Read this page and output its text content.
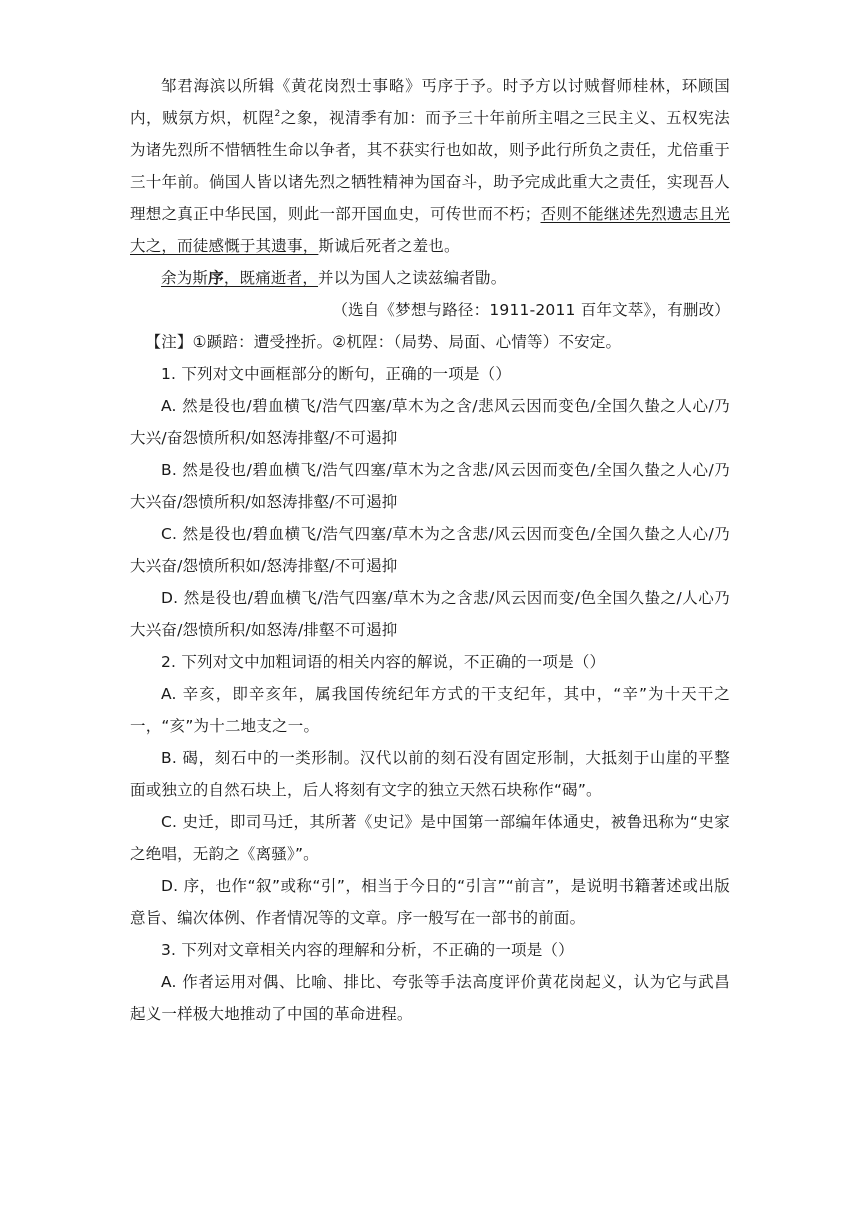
邹君海滨以所辑《黄花岗烈士事略》丐序于予。时予方以讨贼督师桂林，环顾国内，贼氛方炽，杌陧$^2$之象，视清季有加：而予三十年前所主唱之三民主义、五权宪法为诸先烈所不惜牺牲生命以争者，其不获实行也如故，则予此行所负之责任，尤倍重于三十年前。倘国人皆以诸先烈之牺牲精神为国奋斗，助予完成此重大之责任，实现吾人理想之真正中华民国，则此一部开国血史，可传世而不朽；否则不能继述先烈遗志且光大之，而徒感慨于其遗事，斯诚后死者之羞也。

余为斯序，既痛逝者，并以为国人之读兹编者勖。

（选自《梦想与路径：1911-2011 百年文萃》，有删改）

【注】①踬踣：遭受挫折。②杌陧：（局势、局面、心情等）不安定。

1. 下列对文中画框部分的断句，正确的一项是（）

A. 然是役也/碧血横飞/浩气四塞/草木为之含/悲风云因而变色/全国久蛰之人心/乃大兴/奋怨愤所积/如怒涛排壑/不可遏抑

B. 然是役也/碧血横飞/浩气四塞/草木为之含悲/风云因而变色/全国久蛰之人心/乃大兴奋/怨愤所积/如怒涛排壑/不可遏抑

C. 然是役也/碧血横飞/浩气四塞/草木为之含悲/风云因而变色/全国久蛰之人心/乃大兴奋/怨愤所积如/怒涛排壑/不可遏抑

D. 然是役也/碧血横飞/浩气四塞/草木为之含悲/风云因而变/色全国久蛰之/人心乃大兴奋/怨愤所积/如怒涛/排壑不可遏抑

2. 下列对文中加粗词语的相关内容的解说，不正确的一项是（）

A. 辛亥，即辛亥年，属我国传统纪年方式的干支纪年，其中，“辛”为十天干之一，“亥”为十二地支之一。

B. 碣，刻石中的一类形制。汉代以前的刻石没有固定形制，大抵刻于山崖的平整面或独立的自然石块上，后人将刻有文字的独立天然石块称作“碣”。

C. 史迁，即司马迁，其所著《史记》是中国第一部编年体通史，被鲁迅称为“史家之绝唱，无韵之《离骚》”。

D. 序，也作“叙”或称“引”，相当于今日的“引言”“前言”，是说明书籍著述或出版意旨、编次体例、作者情况等的文章。序一般写在一部书的前面。

3. 下列对文章相关内容的理解和分析，不正确的一项是（）

A. 作者运用对偶、比喻、排比、夸张等手法高度评价黄花岗起义，认为它与武昌起义一样极大地推动了中国的革命进程。
